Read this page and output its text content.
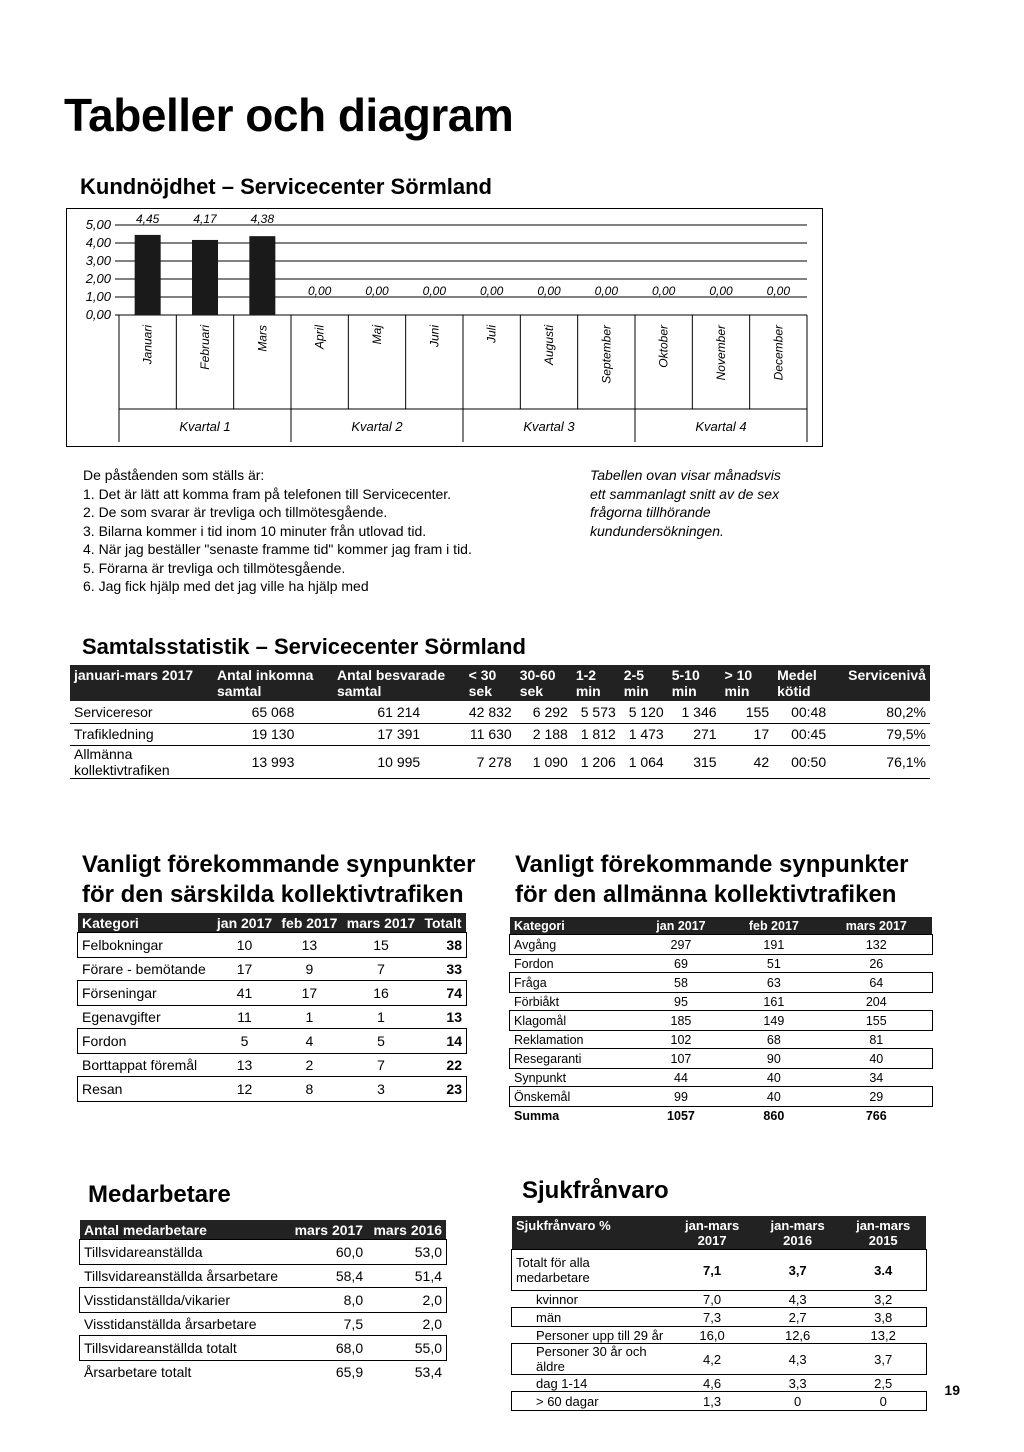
Tabeller och diagram
Kundnöjdhet – Servicecenter Sörmland
5,00
4,00
3,00
2,00
1,00
0,00
4,45
Januari
4,17
Februari
4,38
Mars
0,00
April
0,00
Maj
0,00
Juni
0,00
Juli
0,00
Augusti
0,00
September
0,00
Oktober
0,00
November
0,00
December
Kvartal 1	Kvartal 2	Kvartal 3	Kvartal 4
De påståenden som ställs är:
1. Det är lätt att komma fram på telefonen till Servicecenter.
2. De som svarar är trevliga och tillmötesgående.
3. Bilarna kommer i tid inom 10 minuter från utlovad tid.
4. När jag beställer "senaste framme tid" kommer jag fram i tid.
5. Förarna är trevliga och tillmötesgående.
6. Jag fick hjälp med det jag ville ha hjälp med
Tabellen ovan visar månadsvis
ett sammanlagt snitt av de sex
frågorna tillhörande
kundundersökningen.
Samtalsstatistik – Servicecenter Sörmland
januari-mars 2017	Antal inkomna samtal	Antal besvarade samtal	< 30 sek	30-60 sek	1-2 min	2-5 min	5-10 min	> 10 min	Medel kötid	Servicenivå
Serviceresor	65 068	61 214	42 832	6 292	5 573	5 120	1 346	155	00:48	80,2%
Trafikledning	19 130	17 391	11 630	2 188	1 812	1 473	271	17	00:45	79,5%
Allmänna kollektivtrafiken	13 993	10 995	7 278	1 090	1 206	1 064	315	42	00:50	76,1%
Vanligt förekommande synpunkter
för den särskilda kollektivtrafiken
Kategori	jan 2017	feb 2017	mars 2017	Totalt
Felbokningar	10	13	15	38
Förare - bemötande	17	9	7	33
Förseningar	41	17	16	74
Egenavgifter	11	1	1	13
Fordon	5	4	5	14
Borttappat föremål	13	2	7	22
Resan	12	8	3	23
Vanligt förekommande synpunkter
för den allmänna kollektivtrafiken
Kategori	jan 2017	feb 2017	mars 2017
Avgång	297	191	132
Fordon	69	51	26
Fråga	58	63	64
Förbiåkt	95	161	204
Klagomål	185	149	155
Reklamation	102	68	81
Resegaranti	107	90	40
Synpunkt	44	40	34
Önskemål	99	40	29
Summa	1057	860	766
Medarbetare
Antal medarbetare	mars 2017	mars 2016
Tillsvidareanställda	60,0	53,0
Tillsvidareanställda årsarbetare	58,4	51,4
Visstidanställda/vikarier	8,0	2,0
Visstidanställda årsarbetare	7,5	2,0
Tillsvidareanställda totalt	68,0	55,0
Årsarbetare totalt	65,9	53,4
Sjukfrånvaro
Sjukfrånvaro %	jan-mars 2017	jan-mars 2016	jan-mars 2015
Totalt för alla medarbetare	7,1	3,7	3.4
kvinnor	7,0	4,3	3,2
män	7,3	2,7	3,8
Personer upp till 29 år	16,0	12,6	13,2
Personer 30 år och äldre	4,2	4,3	3,7
dag 1-14	4,6	3,3	2,5
> 60 dagar	1,3	0	0
19
